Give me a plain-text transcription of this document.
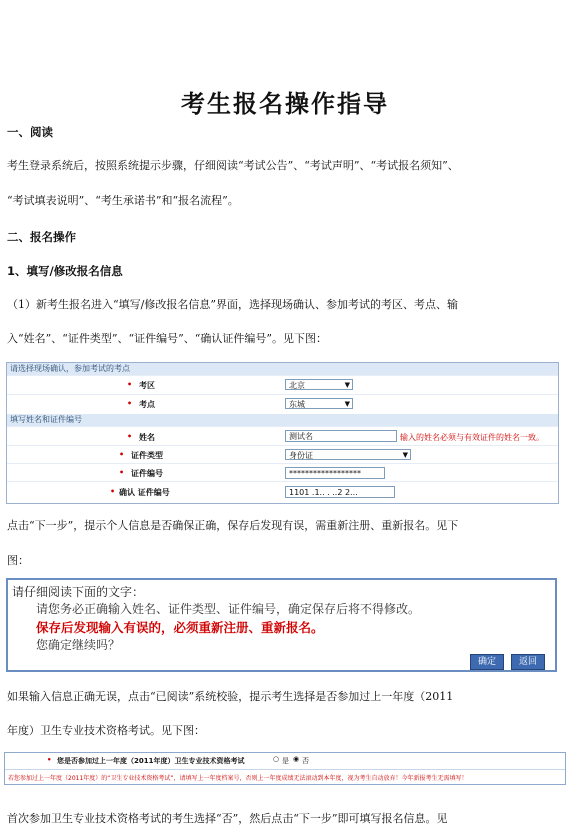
考生报名操作指导
一、阅读
考生登录系统后，按照系统提示步骤，仔细阅读“考试公告”、“考试声明”、“考试报名须知”、
“考试填表说明”、“考生承诺书”和“报名流程”。
二、报名操作
1、填写/修改报名信息
（1）新考生报名进入“填写/修改报名信息”界面，选择现场确认、参加考试的考区、考点、输
入“姓名”、“证件类型”、“证件编号”、“确认证件编号”。见下图：
请选择现场确认，参加考试的考点
• 考区	北京	▼
• 考点	东城	▼
填写姓名和证件编号
• 姓名	测试名	输入的姓名必须与有效证件的姓名一致。
• 证件类型	身份证	▼
• 证件编号	******************
• 确认 证件编号	1101 .1.. . ..2 2...
点击“下一步”，提示个人信息是否确保正确，保存后发现有误，需重新注册、重新报名。见下
图：
请仔细阅读下面的文字：
请您务必正确输入姓名、证件类型、证件编号，确定保存后将不得修改。
保存后发现输入有误的，必须重新注册、重新报名。
您确定继续吗？
确定	返回
如果输入信息正确无误，点击“已阅读”系统校验，提示考生选择是否参加过上一年度（2011
年度）卫生专业技术资格考试。见下图：
• 您是否参加过上一年度（2011年度）卫生专业技术资格考试	○ 是 ◉ 否
若您参加过上一年度（2011年度）的“卫生专业技术资格考试”，请填写上一年度档案号，否则上一年度成绩无法滚动到本年度，视为考生自动放弃！今年新报考生无需填写！
首次参加卫生专业技术资格考试的考生选择“否”，然后点击“下一步”即可填写报名信息。见
